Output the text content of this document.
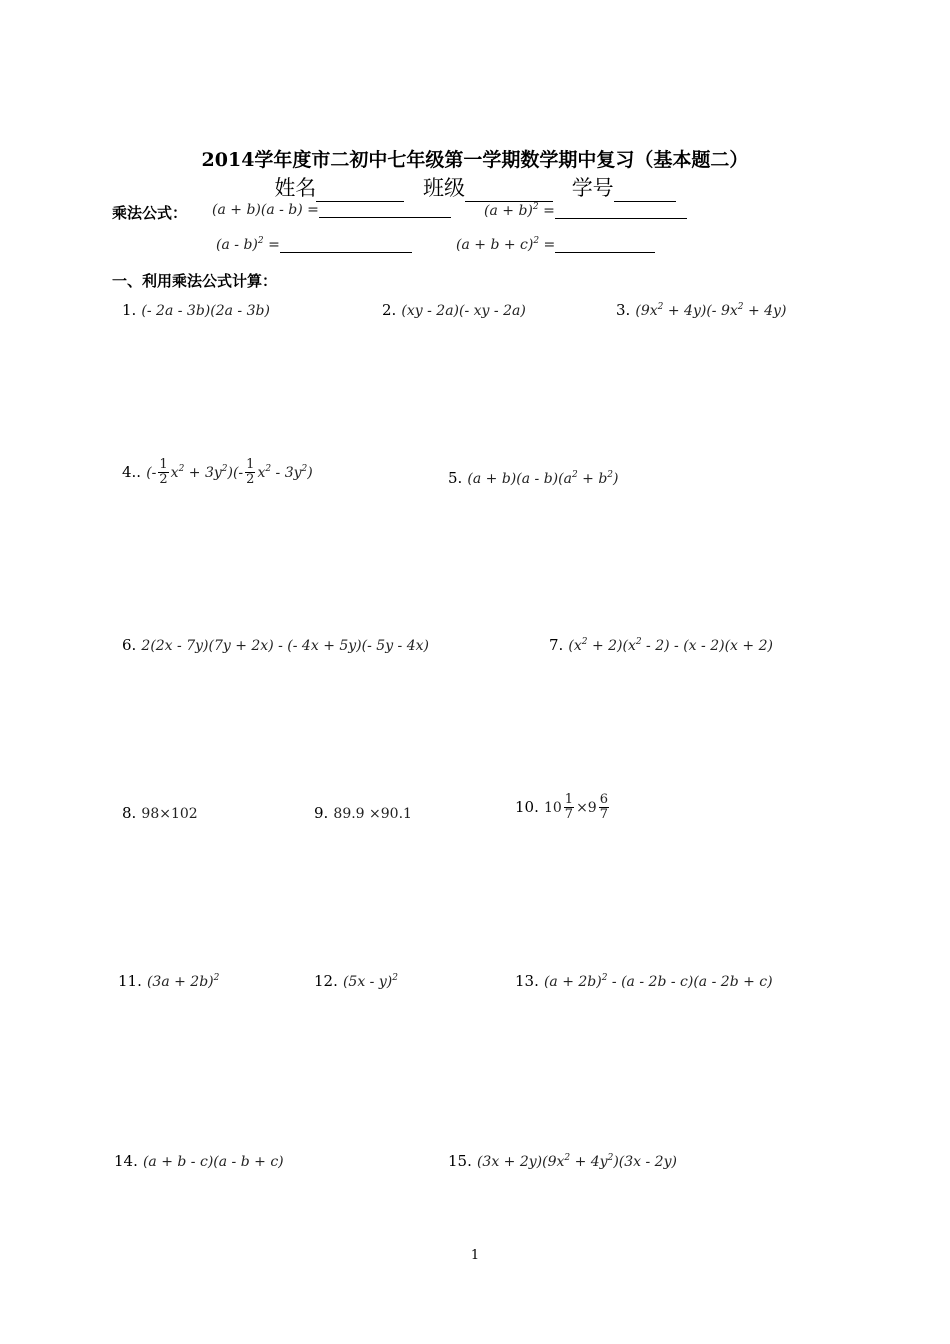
2014学年度市二初中七年级第一学期数学期中复习（基本题二）
姓名	班级	学号
乘法公式： (a + b)(a - b) =	$(a + b)^2$ =
(a - b)$^2$ =	$(a + b + c)^2$ =
一、利用乘法公式计算：
1. (- 2a - 3b)(2a - 3b)	2. (xy - 2a)(- xy - 2a)	3. $(9x^2 + 4y)(-$ $9x^2 + 4y$)
4.. (- $\frac{1}{2} x^2 + 3y^2)(- \frac{1}{2} x^2 - 3y^2)$	5. $(a + b)(a - b)(a^2 + b^2)$
6. 2(2x - 7y)(7y + 2x) - (- 4x + 5y)(- 5y - 4x)	7. $(x^2 + 2)(x^2 - 2) - (x - 2)(x + 2)$
8. 98×102	9. 89.9 ×90.1	10. $10 \frac{1}{7} \times 9 \frac{6}{7}$
11. $(3a + 2b)^2$	12. (5x - y)$^2$	13. $(a + 2b)^2 - (a - 2b - c)(a - 2b + c)$
14. (a + b - c)(a - b + c)	15. $(3x + 2y)(9x^2 + 4y^2)(3x - 2y)$
1
